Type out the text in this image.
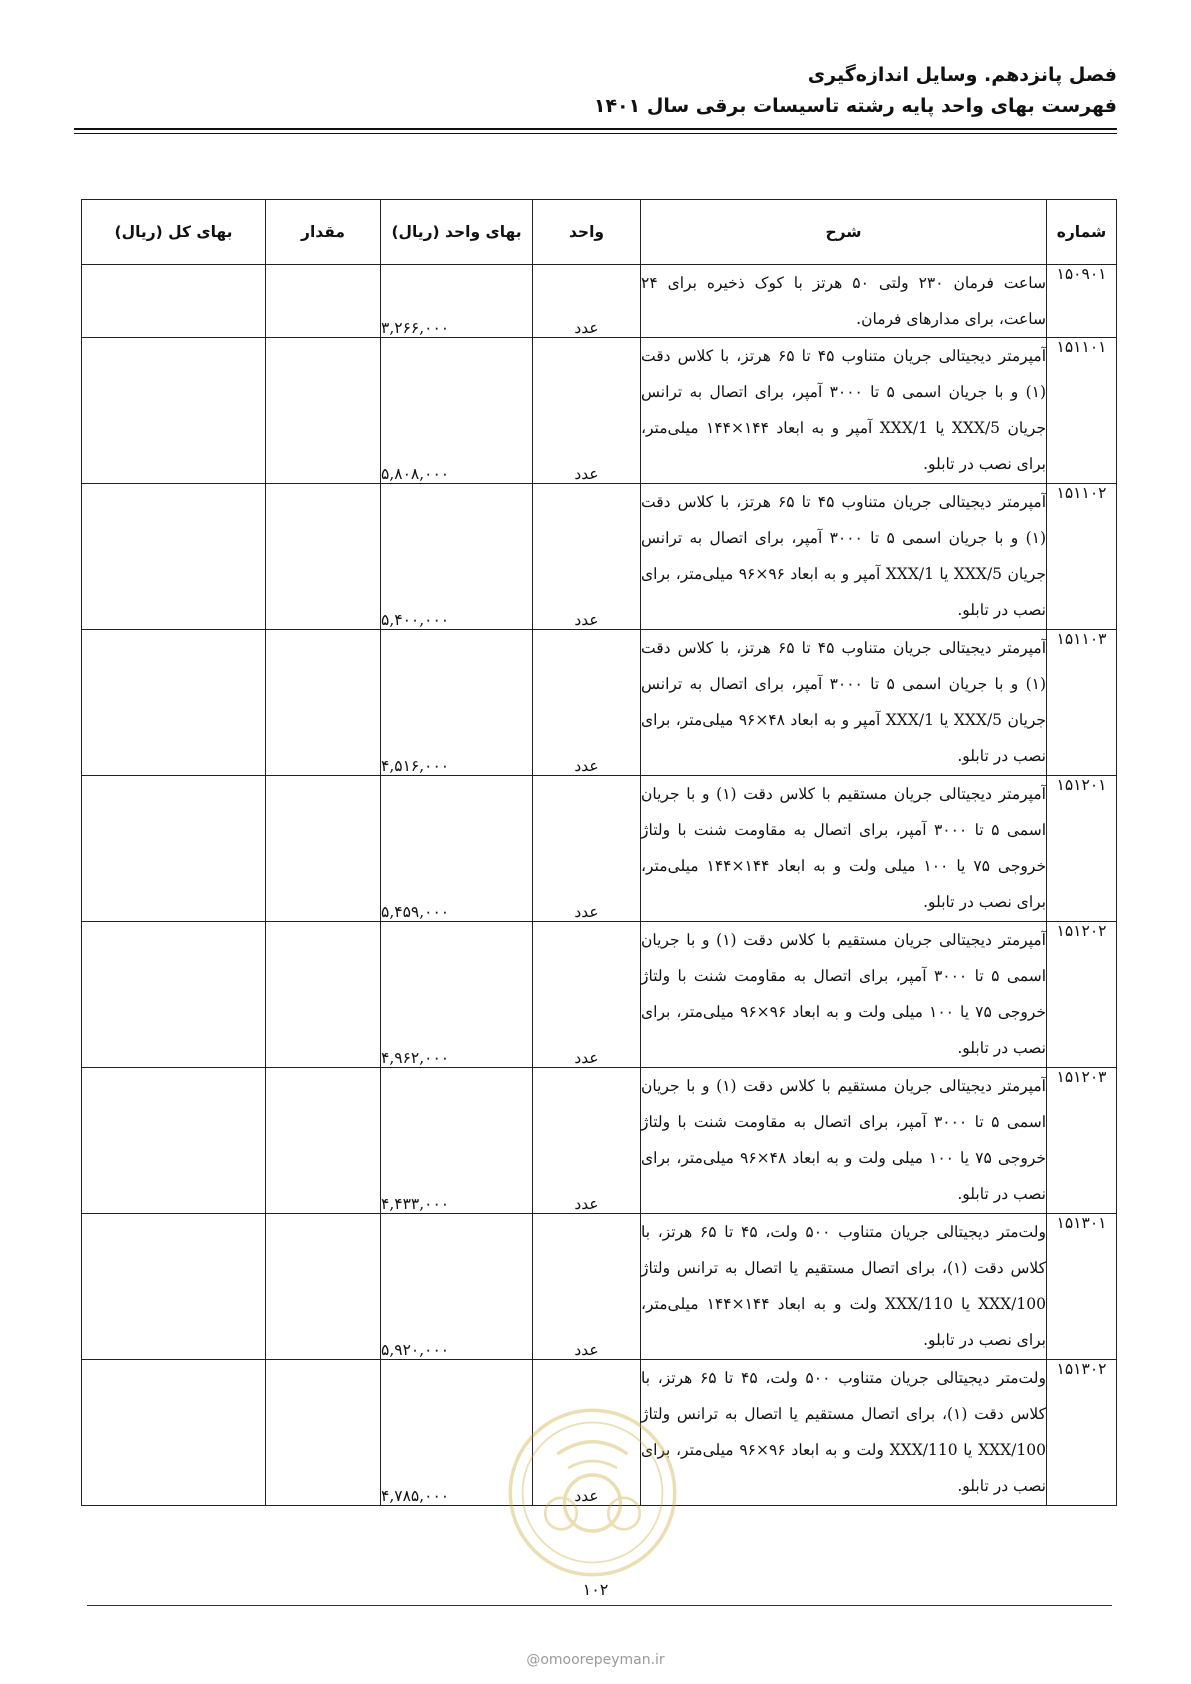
فصل پانزدهم. وسایل اندازه‌گیری
فهرست بهای واحد پایه رشته تاسیسات برقی سال ۱۴۰۱
شماره	شرح	واحد	بهای واحد (ریال)	مقدار	بهای کل (ریال)
۱۵۰۹۰۱	ساعت فرمان ۲۳۰ ولتی ۵۰ هرتز با کوک ذخیره برای ۲۴ ساعت، برای مدارهای فرمان.	عدد	۳,۲۶۶,۰۰۰		
۱۵۱۱۰۱	آمپرمتر دیجیتالی جریان متناوب ۴۵ تا ۶۵ هرتز، با کلاس دقت (۱) و با جریان اسمی ۵ تا ۳۰۰۰ آمپر، برای اتصال به ترانس جریان XXX/5 یا XXX/1 آمپر و به ابعاد ۱۴۴×۱۴۴ میلی‌متر، برای نصب در تابلو.	عدد	۵,۸۰۸,۰۰۰		
۱۵۱۱۰۲	آمپرمتر دیجیتالی جریان متناوب ۴۵ تا ۶۵ هرتز، با کلاس دقت (۱) و با جریان اسمی ۵ تا ۳۰۰۰ آمپر، برای اتصال به ترانس جریان XXX/5 یا XXX/1 آمپر و به ابعاد ۹۶×۹۶ میلی‌متر، برای نصب در تابلو.	عدد	۵,۴۰۰,۰۰۰		
۱۵۱۱۰۳	آمپرمتر دیجیتالی جریان متناوب ۴۵ تا ۶۵ هرتز، با کلاس دقت (۱) و با جریان اسمی ۵ تا ۳۰۰۰ آمپر، برای اتصال به ترانس جریان XXX/5 یا XXX/1 آمپر و به ابعاد ۴۸×۹۶ میلی‌متر، برای نصب در تابلو.	عدد	۴,۵۱۶,۰۰۰		
۱۵۱۲۰۱	آمپرمتر دیجیتالی جریان مستقیم با کلاس دقت (۱) و با جریان اسمی ۵ تا ۳۰۰۰ آمپر، برای اتصال به مقاومت شنت با ولتاژ خروجی ۷۵ یا ۱۰۰ میلی ولت و به ابعاد ۱۴۴×۱۴۴ میلی‌متر، برای نصب در تابلو.	عدد	۵,۴۵۹,۰۰۰		
۱۵۱۲۰۲	آمپرمتر دیجیتالی جریان مستقیم با کلاس دقت (۱) و با جریان اسمی ۵ تا ۳۰۰۰ آمپر، برای اتصال به مقاومت شنت با ولتاژ خروجی ۷۵ یا ۱۰۰ میلی ولت و به ابعاد ۹۶×۹۶ میلی‌متر، برای نصب در تابلو.	عدد	۴,۹۶۲,۰۰۰		
۱۵۱۲۰۳	آمپرمتر دیجیتالی جریان مستقیم با کلاس دقت (۱) و با جریان اسمی ۵ تا ۳۰۰۰ آمپر، برای اتصال به مقاومت شنت با ولتاژ خروجی ۷۵ یا ۱۰۰ میلی ولت و به ابعاد ۴۸×۹۶ میلی‌متر، برای نصب در تابلو.	عدد	۴,۴۳۳,۰۰۰		
۱۵۱۳۰۱	ولت‌متر دیجیتالی جریان متناوب ۵۰۰ ولت، ۴۵ تا ۶۵ هرتز، با کلاس دقت (۱)، برای اتصال مستقیم یا اتصال به ترانس ولتاژ XXX/100 یا XXX/110 ولت و به ابعاد ۱۴۴×۱۴۴ میلی‌متر، برای نصب در تابلو.	عدد	۵,۹۲۰,۰۰۰		
۱۵۱۳۰۲	ولت‌متر دیجیتالی جریان متناوب ۵۰۰ ولت، ۴۵ تا ۶۵ هرتز، با کلاس دقت (۱)، برای اتصال مستقیم یا اتصال به ترانس ولتاژ XXX/100 یا XXX/110 ولت و به ابعاد ۹۶×۹۶ میلی‌متر، برای نصب در تابلو.	عدد	۴,۷۸۵,۰۰۰		
۱۰۲
@omoorepeyman.ir
